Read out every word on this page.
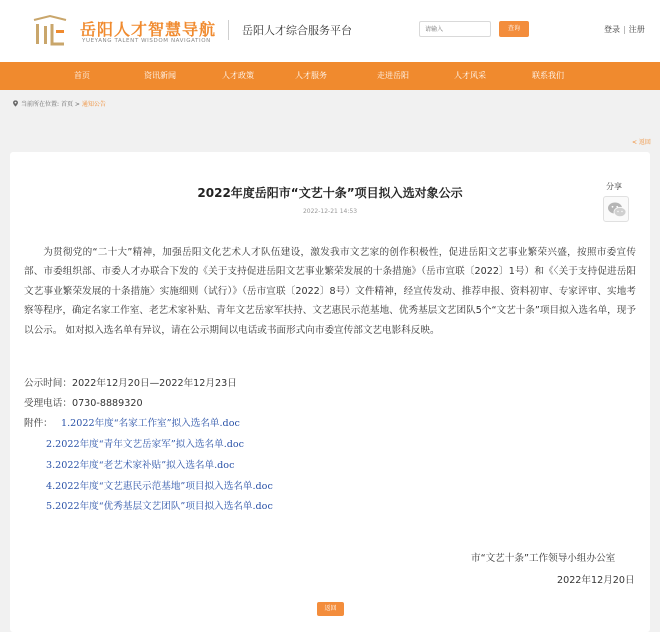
岳阳人才智慧导航
YUEYANG TALENT WISDOM NAVIGATION
岳阳人才综合服务平台
请输入	查询	登录 | 注册
首页	资讯新闻	人才政策	人才服务	走进岳阳	人才风采	联系我们
当前所在位置: 首页 > 通知公告
< 返回
2022年度岳阳市“文艺十条”项目拟入选对象公示
2022-12-21 14:53
分享
为贯彻党的“二十大”精神，加强岳阳文化艺术人才队伍建设，激发我市文艺家的创作积极性，促进岳阳文艺事业繁荣兴盛，按照市委宣传部、市委组织部、市委人才办联合下发的《关于支持促进岳阳文艺事业繁荣发展的十条措施》（岳市宣联〔2022〕1号）和《〈关于支持促进岳阳文艺事业繁荣发展的十条措施〉实施细则（试行）》（岳市宣联〔2022〕8号）文件精神，经宣传发动、推荐申报、资料初审、专家评审、实地考察等程序，确定名家工作室、老艺术家补贴、青年文艺岳家军扶持、文艺惠民示范基地、优秀基层文艺团队5个“文艺十条”项目拟入选名单，现予以公示。 如对拟入选名单有异议，请在公示期间以电话或书面形式向市委宣传部文艺电影科反映。
公示时间：2022年12月20日—2022年12月23日
受理电话：0730-8889320
附件： 1.2022年度“名家工作室”拟入选名单.doc
2.2022年度“青年文艺岳家军”拟入选名单.doc
3.2022年度“老艺术家补贴”拟入选名单.doc
4.2022年度“文艺惠民示范基地”项目拟入选名单.doc
5.2022年度“优秀基层文艺团队”项目拟入选名单.doc
市“文艺十条”工作领导小组办公室
2022年12月20日
返回
